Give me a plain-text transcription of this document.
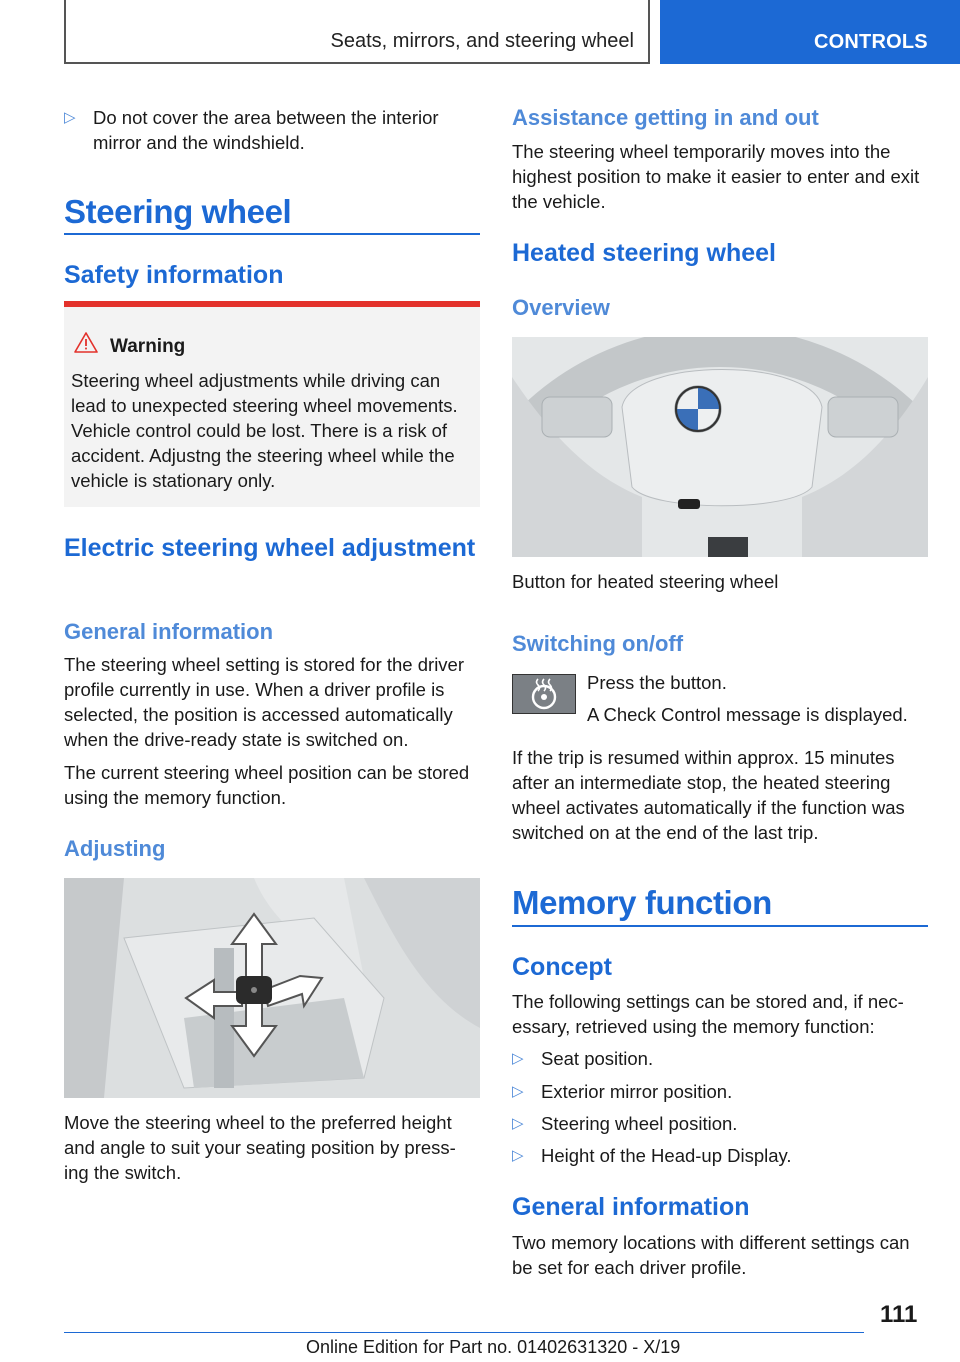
Seats, mirrors, and steering wheel	CONTROLS
▷ Do not cover the area between the interior mirror and the windshield.
Steering wheel
Safety information
Warning
Steering wheel adjustments while driving can lead to unexpected steering wheel movements. Vehicle control could be lost. There is a risk of accident. Adjustng the steering wheel while the vehicle is stationary only.
Electric steering wheel adjustment
General information
The steering wheel setting is stored for the driver profile currently in use. When a driver profile is selected, the position is accessed automatically when the drive-ready state is switched on.
The current steering wheel position can be stored using the memory function.
Adjusting
Move the steering wheel to the preferred height and angle to suit your seating position by press-ing the switch.
Assistance getting in and out
The steering wheel temporarily moves into the highest position to make it easier to enter and exit the vehicle.
Heated steering wheel
Overview
Button for heated steering wheel
Switching on/off
Press the button.
A Check Control message is displayed.
If the trip is resumed within approx. 15 minutes after an intermediate stop, the heated steering wheel activates automatically if the function was switched on at the end of the last trip.
Memory function
Concept
The following settings can be stored and, if nec-essary, retrieved using the memory function:
▷ Seat position.
▷ Exterior mirror position.
▷ Steering wheel position.
▷ Height of the Head-up Display.
General information
Two memory locations with different settings can be set for each driver profile.
111
Online Edition for Part no. 01402631320 - X/19
